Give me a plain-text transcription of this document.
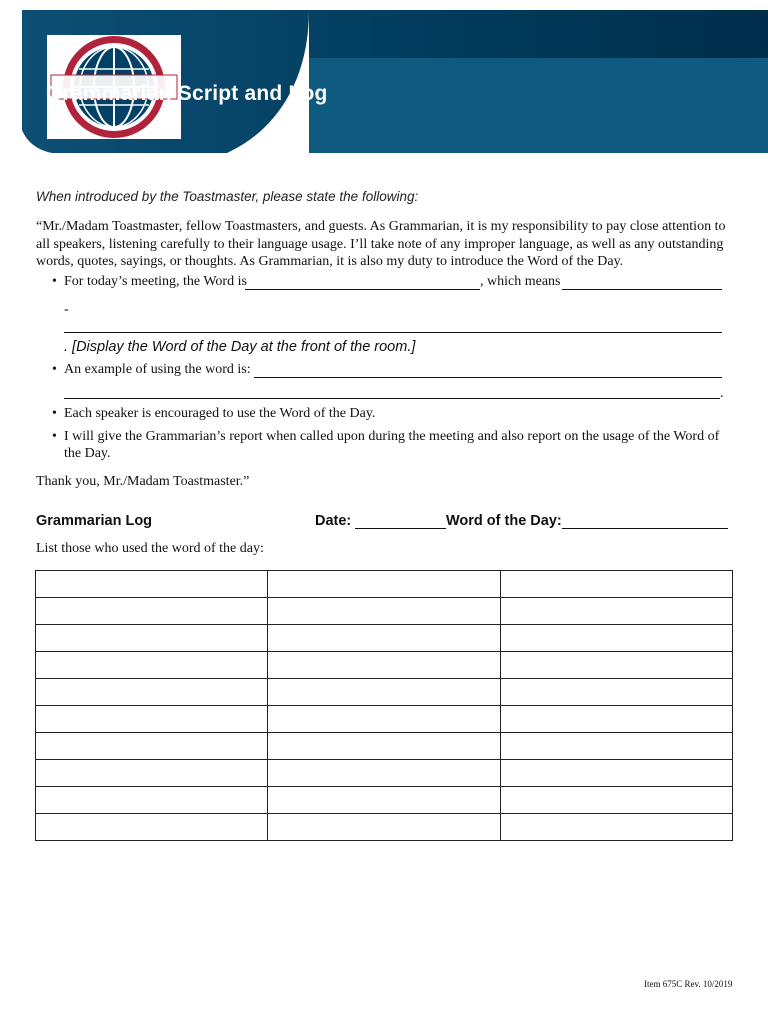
Grammarian Script and Log
When introduced by the Toastmaster, please state the following:
“Mr./Madam Toastmaster, fellow Toastmasters, and guests. As Grammarian, it is my responsibility to pay close attention to all speakers, listening carefully to their language usage. I’ll take note of any improper language, as well as any outstanding words, quotes, sayings, or thoughts. As Grammarian, it is also my duty to introduce the Word of the Day.
• For today’s meeting, the Word is	, which means
-
. [Display the Word of the Day at the front of the room.]
• An example of using the word is:
.
• Each speaker is encouraged to use the Word of the Day.
• I will give the Grammarian’s report when called upon during the meeting and also report on the usage of the Word of
the Day.
Thank you, Mr./Madam Toastmaster.”
Grammarian Log	Date:	Word of the Day:
List those who used the word of the day:

Item 675C Rev. 10/2019
